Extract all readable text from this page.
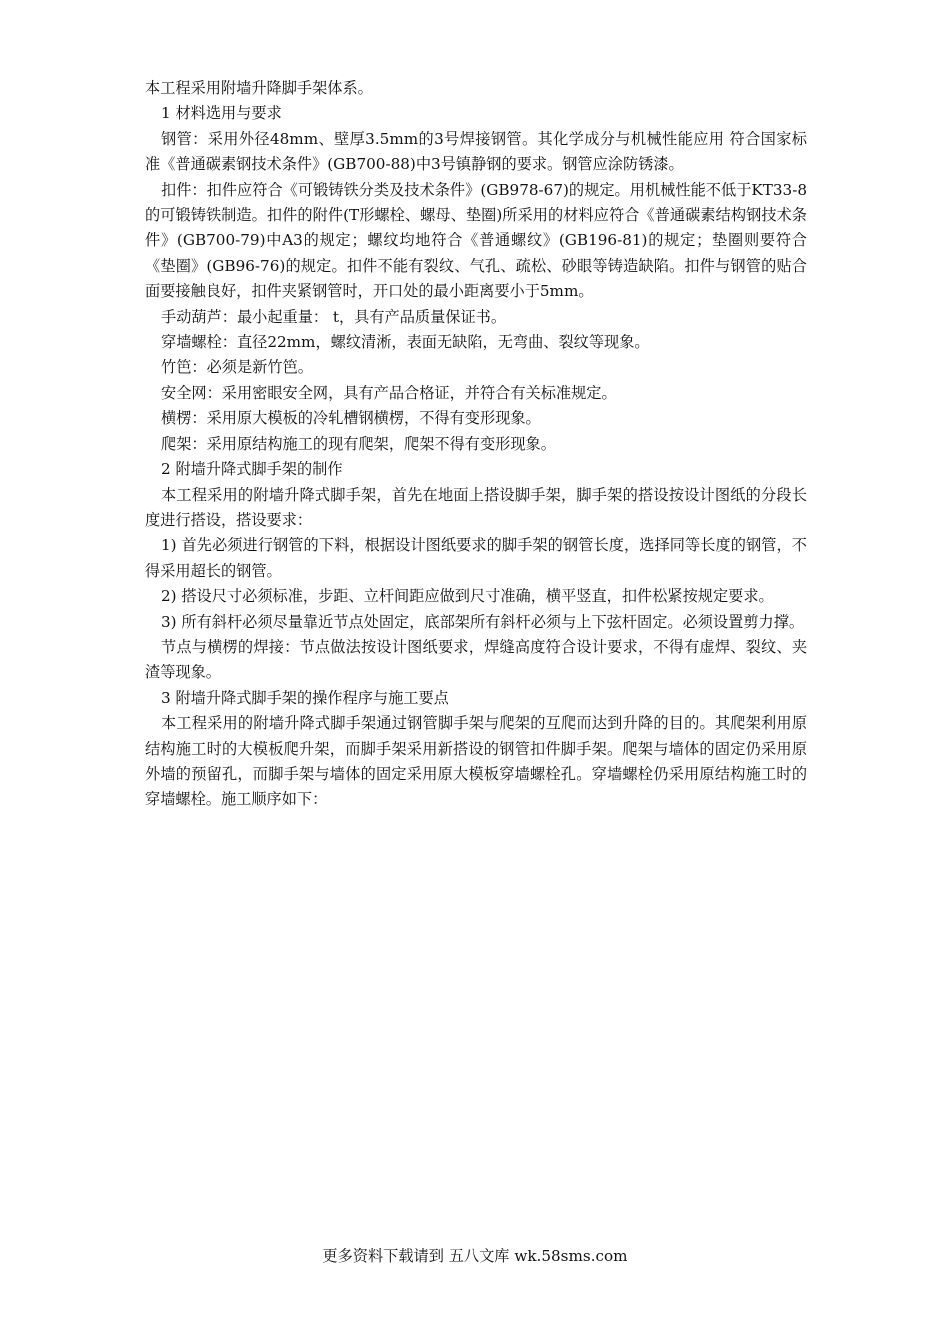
本工程采用附墙升降脚手架体系。

1 材料选用与要求

钢管：采用外径48mm、壁厚3.5mm的3号焊接钢管。其化学成分与机械性能应用 符合国家标准《普通碳素钢技术条件》(GB700-88)中3号镇静钢的要求。钢管应涂防锈漆。

扣件：扣件应符合《可锻铸铁分类及技术条件》(GB978-67)的规定。用机械性能不低于KT33-8的可锻铸铁制造。扣件的附件(T形螺栓、螺母、垫圈)所采用的材料应符合《普通碳素结构钢技术条件》(GB700-79)中A3的规定；螺纹均地符合《普通螺纹》(GB196-81)的规定；垫圈则要符合《垫圈》(GB96-76)的规定。扣件不能有裂纹、气孔、疏松、砂眼等铸造缺陷。扣件与钢管的贴合面要接触良好，扣件夹紧钢管时，开口处的最小距离要小于5mm。

手动葫芦：最小起重量： t，具有产品质量保证书。

穿墙螺栓：直径22mm，螺纹清淅，表面无缺陷，无弯曲、裂纹等现象。

竹笆：必须是新竹笆。

安全网：采用密眼安全网，具有产品合格证，并符合有关标准规定。

横楞：采用原大模板的冷轧槽钢横楞，不得有变形现象。

爬架：采用原结构施工的现有爬架，爬架不得有变形现象。

2 附墙升降式脚手架的制作

本工程采用的附墙升降式脚手架，首先在地面上搭设脚手架，脚手架的搭设按设计图纸的分段长度进行搭设，搭设要求：

1) 首先必须进行钢管的下料，根据设计图纸要求的脚手架的钢管长度，选择同等长度的钢管，不得采用超长的钢管。

2) 搭设尺寸必须标准，步距、立杆间距应做到尺寸准确，横平竖直，扣件松紧按规定要求。

3) 所有斜杆必须尽量靠近节点处固定，底部架所有斜杆必须与上下弦杆固定。必须设置剪力撑。

节点与横楞的焊接：节点做法按设计图纸要求，焊缝高度符合设计要求，不得有虚焊、裂纹、夹渣等现象。

3 附墙升降式脚手架的操作程序与施工要点

本工程采用的附墙升降式脚手架通过钢管脚手架与爬架的互爬而达到升降的目的。其爬架利用原结构施工时的大模板爬升架，而脚手架采用新搭设的钢管扣件脚手架。爬架与墙体的固定仍采用原外墙的预留孔，而脚手架与墙体的固定采用原大模板穿墙螺栓孔。穿墙螺栓仍采用原结构施工时的穿墙螺栓。施工顺序如下：

更多资料下载请到 五八文库 wk.58sms.com
